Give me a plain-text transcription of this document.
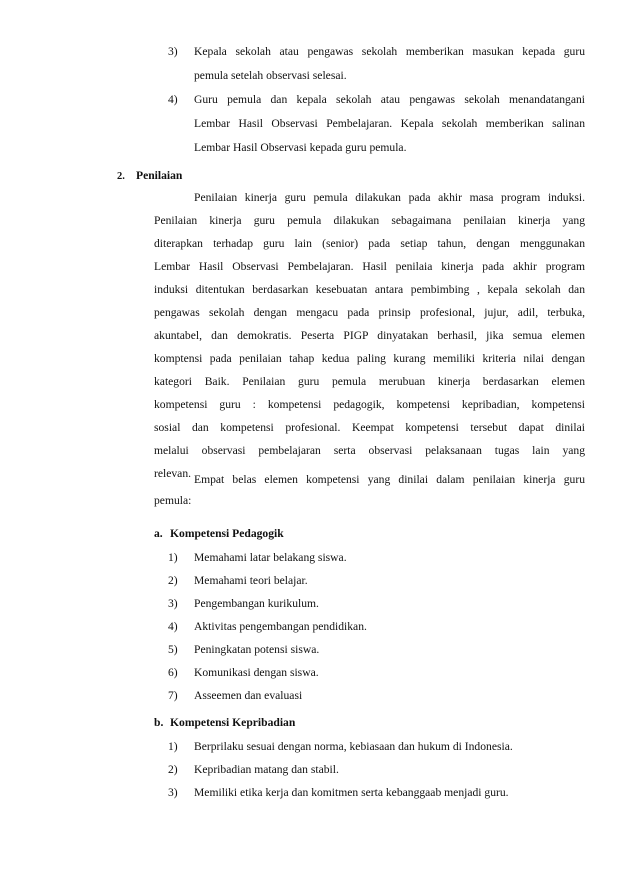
3) Kepala sekolah atau pengawas sekolah memberikan masukan kepada guru
pemula setelah observasi selesai.
4) Guru pemula dan kepala sekolah atau pengawas sekolah menandatangani
Lembar Hasil Observasi Pembelajaran. Kepala sekolah memberikan salinan
Lembar Hasil Observasi kepada guru pemula.
2. Penilaian
Penilaian kinerja guru pemula dilakukan pada akhir masa program induksi.
Penilaian kinerja guru pemula dilakukan sebagaimana penilaian kinerja yang
diterapkan terhadap guru lain (senior) pada setiap tahun, dengan menggunakan
Lembar Hasil Observasi Pembelajaran. Hasil penilaia kinerja pada akhir program
induksi ditentukan berdasarkan kesebuatan antara pembimbing , kepala sekolah dan
pengawas sekolah dengan mengacu pada prinsip profesional, jujur, adil, terbuka,
akuntabel, dan demokratis. Peserta PIGP dinyatakan berhasil, jika semua elemen
komptensi pada penilaian tahap kedua paling kurang memiliki kriteria nilai dengan
kategori Baik. Penilaian guru pemula merubuan kinerja berdasarkan elemen
kompetensi guru : kompetensi pedagogik, kompetensi kepribadian, kompetensi
sosial dan kompetensi profesional. Keempat kompetensi tersebut dapat dinilai
melalui observasi pembelajaran serta observasi pelaksanaan tugas lain yang
relevan. Empat belas elemen kompetensi yang dinilai dalam penilaian kinerja guru
pemula:
a. Kompetensi Pedagogik
1) Memahami latar belakang siswa.
2) Memahami teori belajar.
3) Pengembangan kurikulum.
4) Aktivitas pengembangan pendidikan.
5) Peningkatan potensi siswa.
6) Komunikasi dengan siswa.
7) Asseemen dan evaluasi
b. Kompetensi Kepribadian
1) Berprilaku sesuai dengan norma, kebiasaan dan hukum di Indonesia.
2) Kepribadian matang dan stabil.
3) Memiliki etika kerja dan komitmen serta kebanggaab menjadi guru.
